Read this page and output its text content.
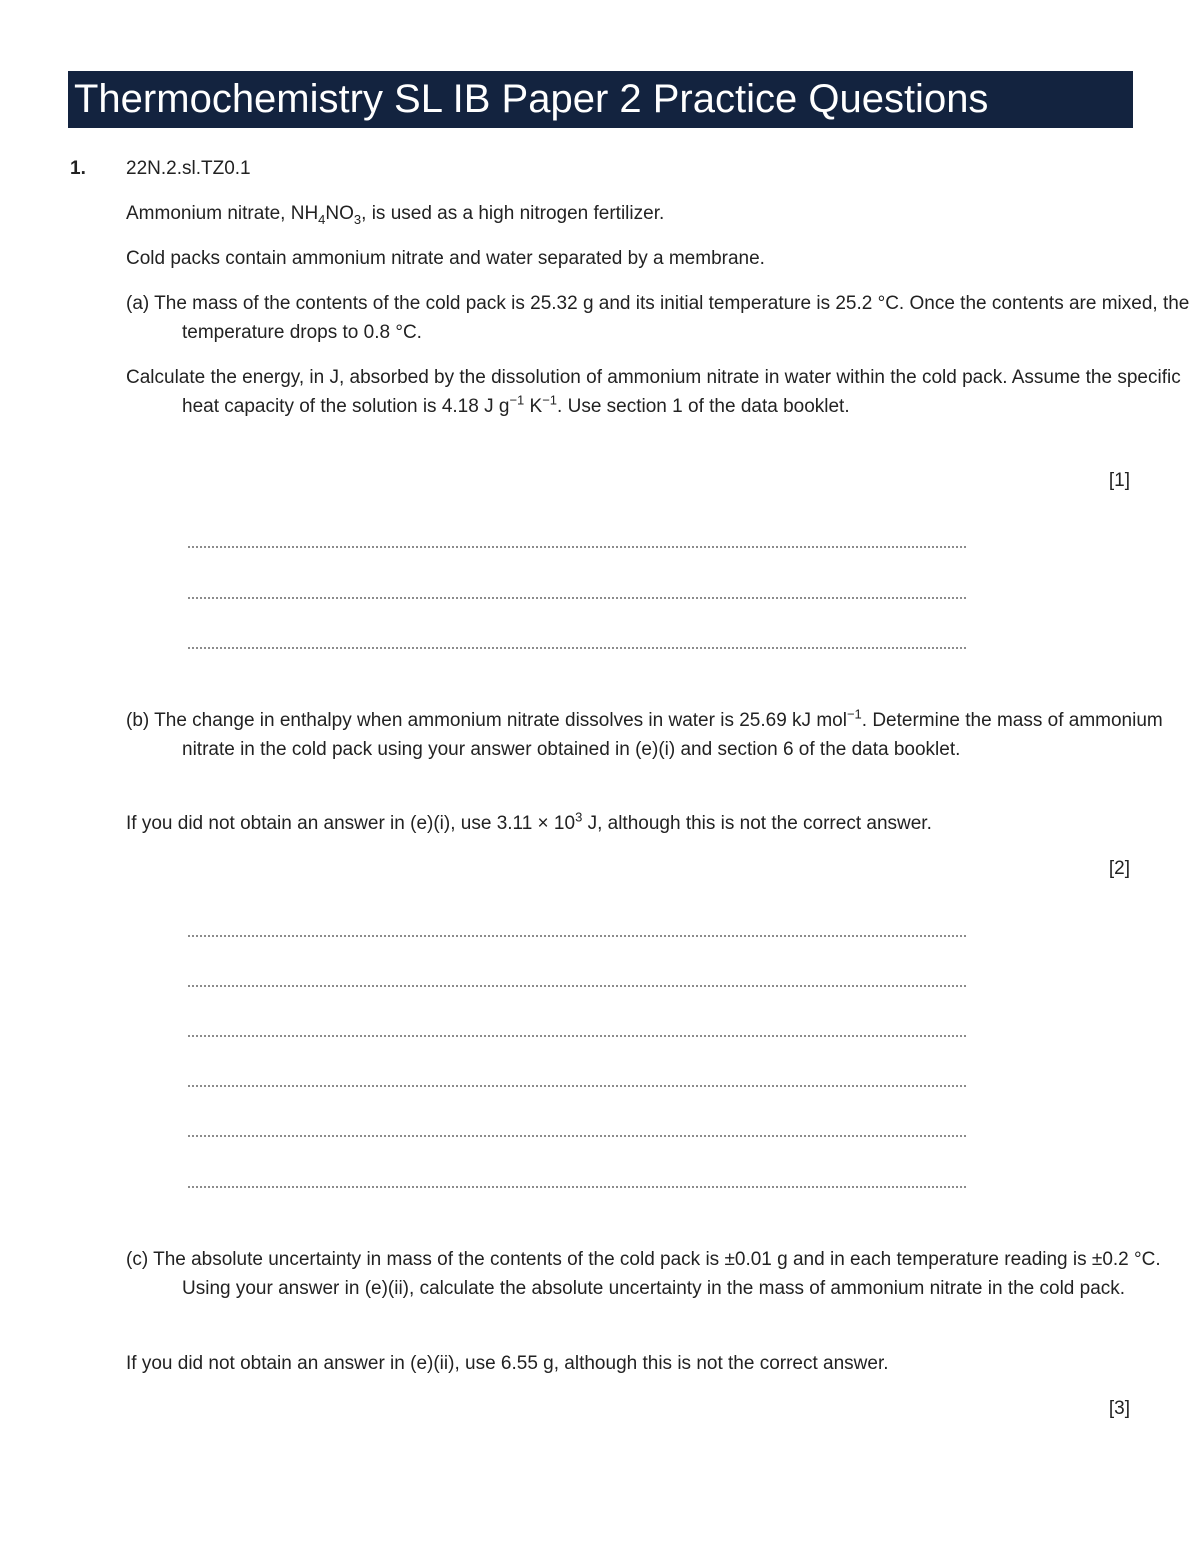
Thermochemistry SL IB Paper 2 Practice Questions
1. 22N.2.sl.TZ0.1
Ammonium nitrate, $NH_4NO_3$, is used as a high nitrogen fertilizer.
Cold packs contain ammonium nitrate and water separated by a membrane.
(a) The mass of the contents of the cold pack is 25.32 g and its initial temperature is 25.2 °C. Once the contents are mixed, the temperature drops to 0.8 °C.
Calculate the energy, in J, absorbed by the dissolution of ammonium nitrate in water within the cold pack. Assume the specific heat capacity of the solution is 4.18 J $g^{-1}$ $K^{-1}$. Use section 1 of the data booklet.
[1]
(b) The change in enthalpy when ammonium nitrate dissolves in water is 25.69 kJ mol$^{-1}$. Determine the mass of ammonium nitrate in the cold pack using your answer obtained in (e)(i) and section 6 of the data booklet.
If you did not obtain an answer in (e)(i), use $3.11 \times 10^3$ J, although this is not the correct answer.
[2]
(c) The absolute uncertainty in mass of the contents of the cold pack is ±0.01 g and in each temperature reading is ±0.2 °C. Using your answer in (e)(ii), calculate the absolute uncertainty in the mass of ammonium nitrate in the cold pack.
If you did not obtain an answer in (e)(ii), use 6.55 g, although this is not the correct answer.
[3]
